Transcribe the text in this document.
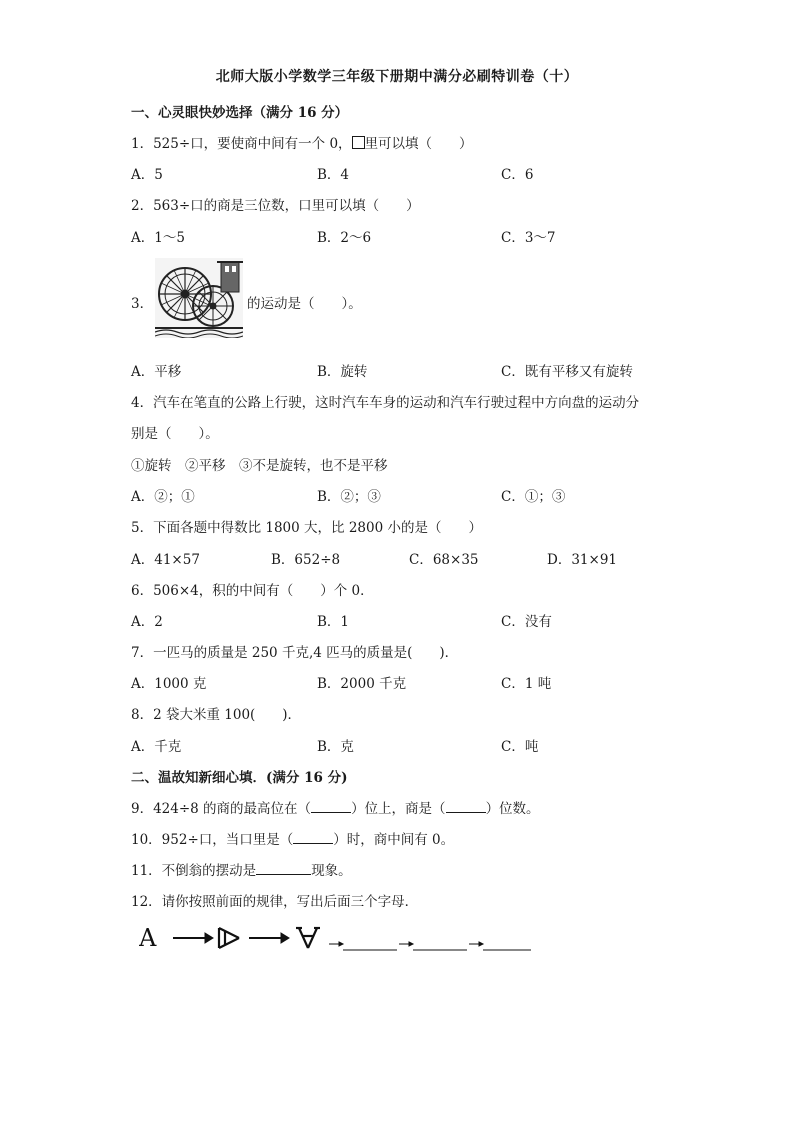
北师大版小学数学三年级下册期中满分必刷特训卷（十）
一、心灵眼快妙选择（满分 16 分）
1．525÷口，要使商中间有一个 0， 里可以填（　　）
A．5	B．4	C．6
2．563÷口的商是三位数，口里可以填（　　）
A．1～5	B．2～6	C．3～7
3．	的运动是（　　）。
A．平移	B．旋转	C．既有平移又有旋转
4．汽车在笔直的公路上行驶，这时汽车车身的运动和汽车行驶过程中方向盘的运动分
别是（　　）。
①旋转　②平移　③不是旋转，也不是平移
A．②；①	B．②；③	C．①；③
5．下面各题中得数比 1800 大，比 2800 小的是（　　）
A．41×57	B．652÷8	C．68×35	D．31×91
6．506×4，积的中间有（　　）个 0．
A．2	B．1	C．没有
7．一匹马的质量是 250 千克,4 匹马的质量是(　　)．
A．1000 克	B．2000 千克	C．1 吨
8．2 袋大米重 100(　　)．
A．千克	B．克	C．吨
二、温故知新细心填．(满分 16 分)
9．424÷8 的商的最高位在（	）位上，商是（	）位数。
10．952÷口，当口里是（	）时，商中间有 0。
11．不倒翁的摆动是	现象。
12．请你按照前面的规律，写出后面三个字母．
A
